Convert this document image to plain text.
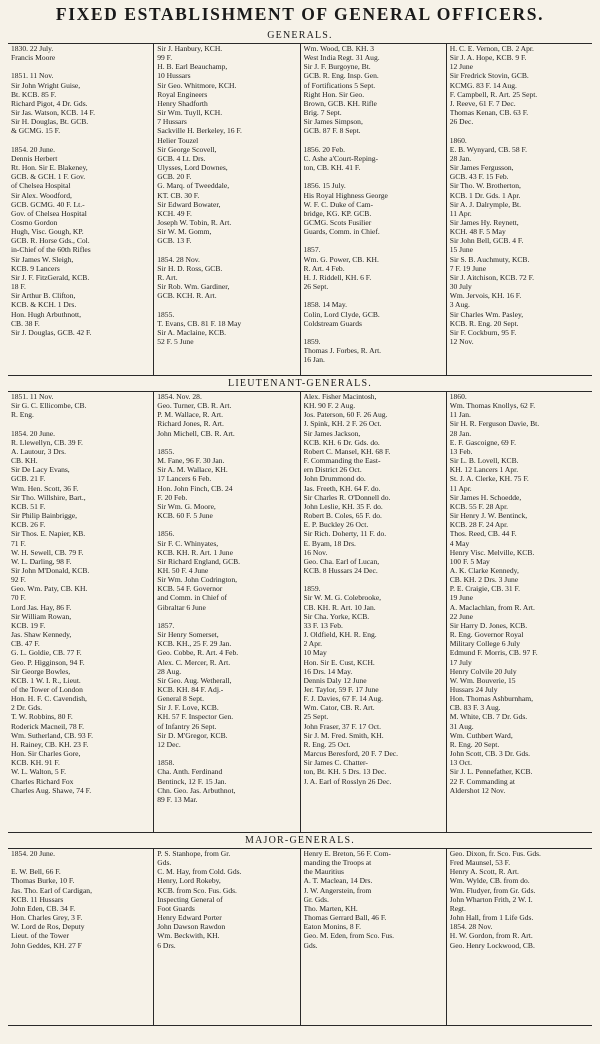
FIXED ESTABLISHMENT OF GENERAL OFFICERS.
GENERALS.
1830. 22 July.
Francis Moore

1851. 11 Nov.
Sir John Wright Guise,
Bt. KCB. 85 F.
Richard Pigot, 4 Dr. Gds.
Sir Jas. Watson, KCB. 14 F.
Sir H. Douglas, Bt. GCB.
& GCMG. 15 F.

1854. 20 June.
Dennis Herbert
Rt. Hon. Sir E. Blakeney,
GCB. & GCH. 1 F. Gov.
of Chelsea Hospital
Sir Alex. Woodford,
GCB. GCMG. 40 F. Lt.-
Gov. of Chelsea Hospital
Cosmo Gordon
Hugh, Visc. Gough, KP.
GCB. R. Horse Gds., Col.
in-Chief of the 60th Rifles
Sir James W. Sleigh,
KCB. 9 Lancers
Sir J. F. FitzGerald, KCB.
18 F.
Sir Arthur B. Clifton,
KCB. & KCH. 1 Drs.
Hon. Hugh Arbuthnott,
CB. 38 F.
Sir J. Douglas, GCB. 42 F.
Sir J. Hanbury, KCH.
99 F.
H. B. Earl Beauchamp,
10 Hussars
Sir Geo. Whitmore, KCH.
Royal Engineers
Henry Shadforth
Sir Wm. Tuyll, KCH.
7 Hussars
Sackville H. Berkeley, 16 F.
Helier Touzel
Sir George Scovell,
GCB. 4 Lt. Drs.
Ulysses, Lord Downes,
GCB. 20 F.
G. Marq. of Tweeddale,
KT. CB. 30 F.
Sir Edward Bowater,
KCH. 49 F.
Joseph W. Tobin, R. Art.
Sir W. M. Gomm,
GCB. 13 F.

1854. 28 Nov.
Sir H. D. Ross, GCB.
R. Art.
Sir Rob. Wm. Gardiner,
GCB. KCH. R. Art.

1855.
T. Evans, CB. 81 F. 18 May
Sir A. Maclaine, KCB.
52 F. 5 June
Wm. Wood, CB. KH. 3
West India Regt. 31 Aug.
Sir J. F. Burgoyne, Bt.
GCB. R. Eng. Insp. Gen.
of Fortifications 5 Sept.
Right Hon. Sir Geo.
Brown, GCB. KH. Rifle
Brig. 7 Sept.
Sir James Simpson,
GCB. 87 F. 8 Sept.

1856. 20 Feb.
C. Ashe a'Court-Reping-
ton, CB. KH. 41 F.

1856. 15 July.
His Royal Highness George
W. F. C. Duke of Cam-
bridge, KG. KP. GCB.
GCMG. Scots Fusilier
Guards, Comm. in Chief.

1857.
Wm. G. Power, CB. KH.
R. Art. 4 Feb.
H. J. Riddell, KH. 6 F.
26 Sept.

1858. 14 May.
Colin, Lord Clyde, GCB.
Coldstream Guards

1859.
Thomas J. Forbes, R. Art.
16 Jan.
H. C. E. Vernon, CB. 2 Apr.
Sir J. A. Hope, KCB. 9 F.
12 June
Sir Fredrick Stovin, GCB.
KCMG. 83 F. 14 Aug.
F. Campbell, R. Art. 25 Sept.
J. Reeve, 61 F. 7 Dec.
Thomas Kenan, CB. 63 F.
26 Dec.

1860.
E. B. Wynyard, CB. 58 F.
28 Jan.
Sir James Fergusson,
GCB. 43 F. 15 Feb.
Sir Tho. W. Brotherton,
KCB. 1 Dr. Gds. 1 Apr.
Sir A. J. Dalrymple, Bt.
11 Apr.
Sir James Hy. Reynett,
KCH. 48 F. 5 May
Sir John Bell, GCB. 4 F.
15 June
Sir S. B. Auchmuty, KCB.
7 F. 19 June
Sir J. Aitchison, KCB. 72 F.
30 July
Wm. Jervois, KH. 16 F.
3 Aug.
Sir Charles Wm. Pasley,
KCB. R. Eng. 20 Sept.
Sir F. Cockburn, 95 F.
12 Nov.
LIEUTENANT-GENERALS.
1851. 11 Nov.
Sir G. C. Ellicombe, CB.
R. Eng.

1854. 20 June.
R. Llewellyn, CB. 39 F.
A. Lautour, 3 Drs.
CB. KH.
Sir De Lacy Evans,
GCB. 21 F.
Wm. Hen. Scott, 36 F.
Sir Tho. Willshire, Bart.,
KCB. 51 F.
Sir Philip Bainbrigge,
KCB. 26 F.
Sir Thos. E. Napier, KB.
71 F.
W. H. Sewell, CB. 79 F.
W. L. Darling, 98 F.
Sir John M'Donald, KCB.
92 F.
Geo. Wm. Paty, CB. KH.
70 F.
Lord Jas. Hay, 86 F.
Sir William Rowan,
KCB. 19 F.
Jas. Shaw Kennedy,
CB. 47 F.
G. L. Goldie, CB. 77 F.
Geo. P. Higginson, 94 F.
Sir George Bowles,
KCB. 1 W. I. R., Lieut.
of the Tower of London
Hon. H. F. C. Cavendish,
2 Dr. Gds.
T. W. Robbins, 80 F.
Roderick Macneil, 78 F.
Wm. Sutherland, CB. 93 F.
H. Rainey, CB. KH. 23 F.
Hon. Sir Charles Gore,
KCB. KH. 91 F.
W. L. Walton, 5 F.
Charles Richard Fox
Charles Aug. Shawe, 74 F.
1854. Nov. 28.
Geo. Turner, CB. R. Art.
P. M. Wallace, R. Art.
Richard Jones, R. Art.
John Michell, CB. R. Art.

1855.
M. Fane, 96 F. 30 Jan.
Sir A. M. Wallace, KH.
17 Lancers 6 Feb.
Hon. John Finch, CB. 24
F. 20 Feb.
Sir Wm. G. Moore,
KCB. 60 F. 5 June

1856.
Sir F. C. Whinyates,
KCB. KH. R. Art. 1 June
Sir Richard England, GCB.
KH. 50 F. 4 June
Sir Wm. John Codrington,
KCB. 54 F. Governor
and Comm. in Chief of
Gibraltar 6 June

1857.
Sir Henry Somerset,
KCB. KH., 25 F. 29 Jan.
Geo. Cobbe, R. Art. 4 Feb.
Alex. C. Mercer, R. Art.
28 Aug.
Sir Geo. Aug. Wetherall,
KCB. KH. 84 F. Adj.-
General 8 Sept.
Sir J. F. Love, KCB.
KH. 57 F. Inspector Gen.
of Infantry 26 Sept.
Sir D. M'Gregor, KCB.
12 Dec.

1858.
Cha. Anth. Ferdinand
Bentinck, 12 F. 15 Jan.
Chn. Geo. Jas. Arbuthnot,
89 F. 13 Mar.
Alex. Fisher Macintosh,
KH. 90 F. 2 Aug.
Jos. Paterson, 60 F. 26 Aug.
J. Spink, KH. 2 F. 26 Oct.
Sir James Jackson,
KCB. KH. 6 Dr. Gds. do.
Robert C. Mansel, KH. 68 F.
F. Commanding the East-
ern District 26 Oct.
John Drummond do.
Jas. Freeth, KH. 64 F. do.
Sir Charles R. O'Donnell do.
John Leslie, KH. 35 F. do.
Robert B. Coles, 65 F. do.
E. P. Buckley 26 Oct.
Sir Rich. Doherty, 11 F. do.
E. Byam, 18 Drs.
16 Nov.
Geo. Cha. Earl of Lucan,
KCB. 8 Hussars 24 Dec.

1859.
Sir W. M. G. Colebrooke,
CB. KH. R. Art. 10 Jan.
Sir Cha. Yorke, KCB.
33 F. 13 Feb.
J. Oldfield, KH. R. Eng.
2 Apr.
10 May
Hon. Sir E. Cust, KCH.
16 Drs. 14 May.
Dennis Daly 12 June
Jer. Taylor, 59 F. 17 June
F. J. Davies, 67 F. 14 Aug.
Wm. Cator, CB. R. Art.
25 Sept.
John Fraser, 37 F. 17 Oct.
Sir J. M. Fred. Smith, KH.
R. Eng. 25 Oct.
Marcus Beresford, 20 F. 7 Dec.
Sir James C. Chatter-
ton, Bt. KH. 5 Drs. 13 Dec.
J. A. Earl of Rosslyn 26 Dec.
1860.
Wm. Thomas Knollys, 62 F.
11 Jan.
Sir H. R. Ferguson Davie, Bt.
28 Jan.
E. F. Gascoigne, 69 F.
13 Feb.
Sir L. B. Lovell, KCB.
KH. 12 Lancers 1 Apr.
St. J. A. Clerke, KH. 75 F.
11 Apr.
Sir James H. Schoedde,
KCB. 55 F. 28 Apr.
Sir Henry J. W. Bentinck,
KCB. 28 F. 24 Apr.
Thos. Reed, CB. 44 F.
4 May
Henry Visc. Melville, KCB.
100 F. 5 May
A. K. Clarke Kennedy,
CB. KH. 2 Drs. 3 June
P. E. Craigie, CB. 31 F.
19 June
A. Maclachlan, from R. Art.
22 June
Sir Harry D. Jones, KCB.
R. Eng. Governor Royal
Military College 6 July
Edmund F. Morris, CB. 97 F.
17 July
Henry Colvile 20 July
W. Wm. Bouverie, 15
Hussars 24 July
Hon. Thomas Ashburnham,
CB. 83 F. 3 Aug.
M. White, CB. 7 Dr. Gds.
31 Aug.
Wm. Cuthbert Ward,
R. Eng. 20 Sept.
John Scott, CB. 3 Dr. Gds.
13 Oct.
Sir J. L. Pennefather, KCB.
22 F. Commanding at
Aldershot 12 Nov.
MAJOR-GENERALS.
1854. 20 June.

E. W. Bell, 66 F.
Thomas Burke, 10 F.
Jas. Tho. Earl of Cardigan,
KCB. 11 Hussars
John Eden, CB. 34 F.
Hon. Charles Grey, 3 F.
W. Lord de Ros, Deputy
Lieut. of the Tower
John Geddes, KH. 27 F
P. S. Stanhope, from Gr.
Gds.
C. M. Hay, from Cold. Gds.
Henry, Lord Rokeby,
KCB. from Sco. Fus. Gds.
Inspecting General of
Foot Guards
Henry Edward Porter
John Dawson Rawdon
Wm. Beckwith, KH.
6 Drs.
Henry E. Breton, 56 F. Com-
manding the Troops at
the Mauritius
A. T. Maclean, 14 Drs.
J. W. Angerstein, from
Gr. Gds.
Tho. Marten, KH.
Thomas Gerrard Ball, 46 F.
Eaton Monins, 8 F.
Geo. M. Eden, from Sco. Fus.
Gds.
Geo. Dixon, fr. Sco. Fus. Gds.
Fred Maunsel, 53 F.
Henry A. Scott, R. Art.
Wm. Wylde, CB. from do.
Wm. Fludyer, from Gr. Gds.
John Wharton Frith, 2 W. I.
Regt.
John Hall, from 1 Life Gds.
1854. 28 Nov.
H. W. Gordon, from R. Art.
Geo. Henry Lockwood, CB.
